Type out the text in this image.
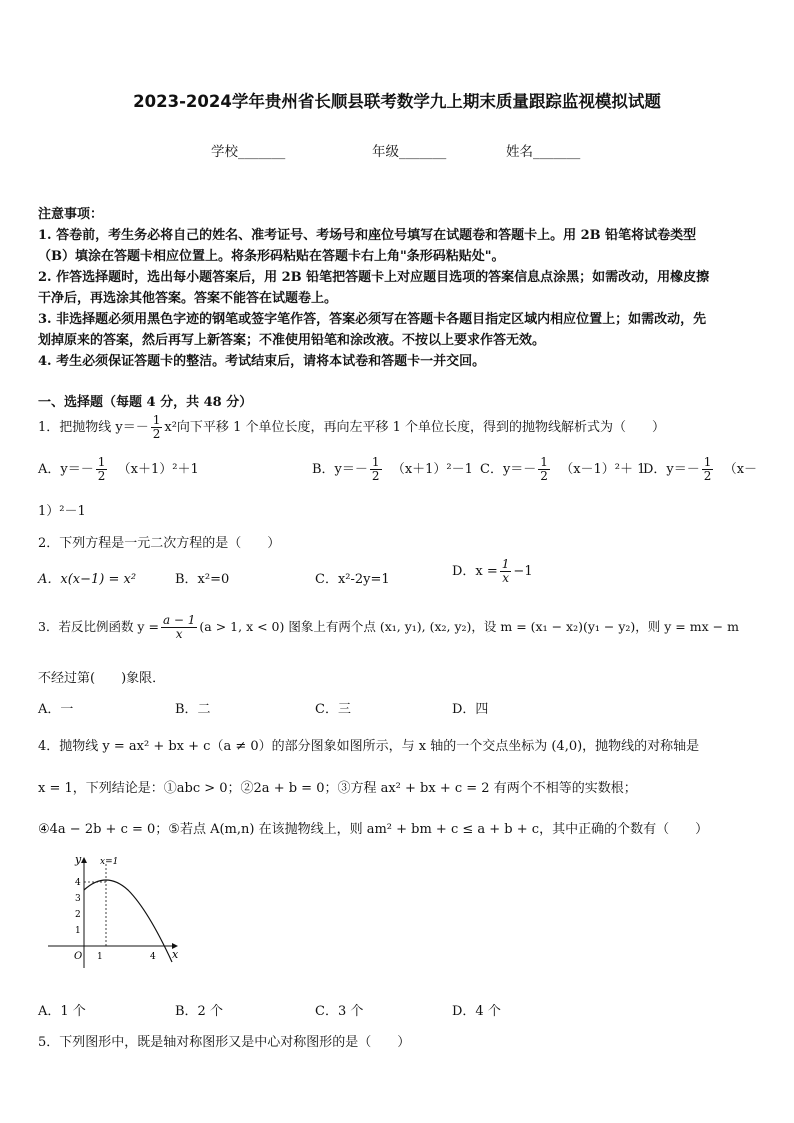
2023-2024学年贵州省长顺县联考数学九上期末质量跟踪监视模拟试题
学校_______	年级_______	姓名_______
注意事项：
1. 答卷前，考生务必将自己的姓名、准考证号、考场号和座位号填写在试题卷和答题卡上。用 2B 铅笔将试卷类型
（B）填涂在答题卡相应位置上。将条形码粘贴在答题卡右上角"条形码粘贴处"。
2. 作答选择题时，选出每小题答案后，用 2B 铅笔把答题卡上对应题目选项的答案信息点涂黑；如需改动，用橡皮擦
干净后，再选涂其他答案。答案不能答在试题卷上。
3. 非选择题必须用黑色字迹的钢笔或签字笔作答，答案必须写在答题卡各题目指定区域内相应位置上；如需改动，先
划掉原来的答案，然后再写上新答案；不准使用铅笔和涂改液。不按以上要求作答无效。
4. 考生必须保证答题卡的整洁。考试结束后，请将本试卷和答题卡一并交回。
一、选择题（每题 4 分，共 48 分）
1．把抛物线 $y=- \frac{1}{2} x^2$向下平移 1 个单位长度，再向左平移 1 个单位长度，得到的抛物线解析式为（　　）
A．$y=- \frac{1}{2} (x+1)^2+1$	B．$y=- \frac{1}{2} (x+1)^2-1$ C．$y=- \frac{1}{2} (x-1)^2+ 1$
D．$y=- \frac{1}{2} (x-$
1）²－1
2．下列方程是一元二次方程的是（　　）
A．x(x−1) = x²	B．x²=0	C．x²-2y=1
D．$x = \frac{1}{x} -1$
3．若反比例函数 $y = \frac{a - 1}{x} (a > 1$, x < 0) 图象上有两个点 (x₁, y₁), (x₂, y₂)，设 m = (x₁ − x₂)(y₁ − y₂)，则 y = mx − m
不经过第(　　)象限．
A．一	B．二	C．三	D．四
4．抛物线 y = ax² + bx + c（a ≠ 0）的部分图象如图所示，与 x 轴的一个交点坐标为 (4,0)，抛物线的对称轴是
x = 1，下列结论是：①abc > 0；②2a + b = 0；③方程 ax² + bx + c = 2 有两个不相等的实数根；
④4a − 2b + c = 0；⑤若点 A(m,n) 在该抛物线上，则 am² + bm + c ≤ a + b + c，其中正确的个数有（　　）
y
x
x=1
O 1	4
4
3
2
1
A．1 个	B．2 个	C．3 个	D．4 个
5．下列图形中，既是轴对称图形又是中心对称图形的是（　　）
